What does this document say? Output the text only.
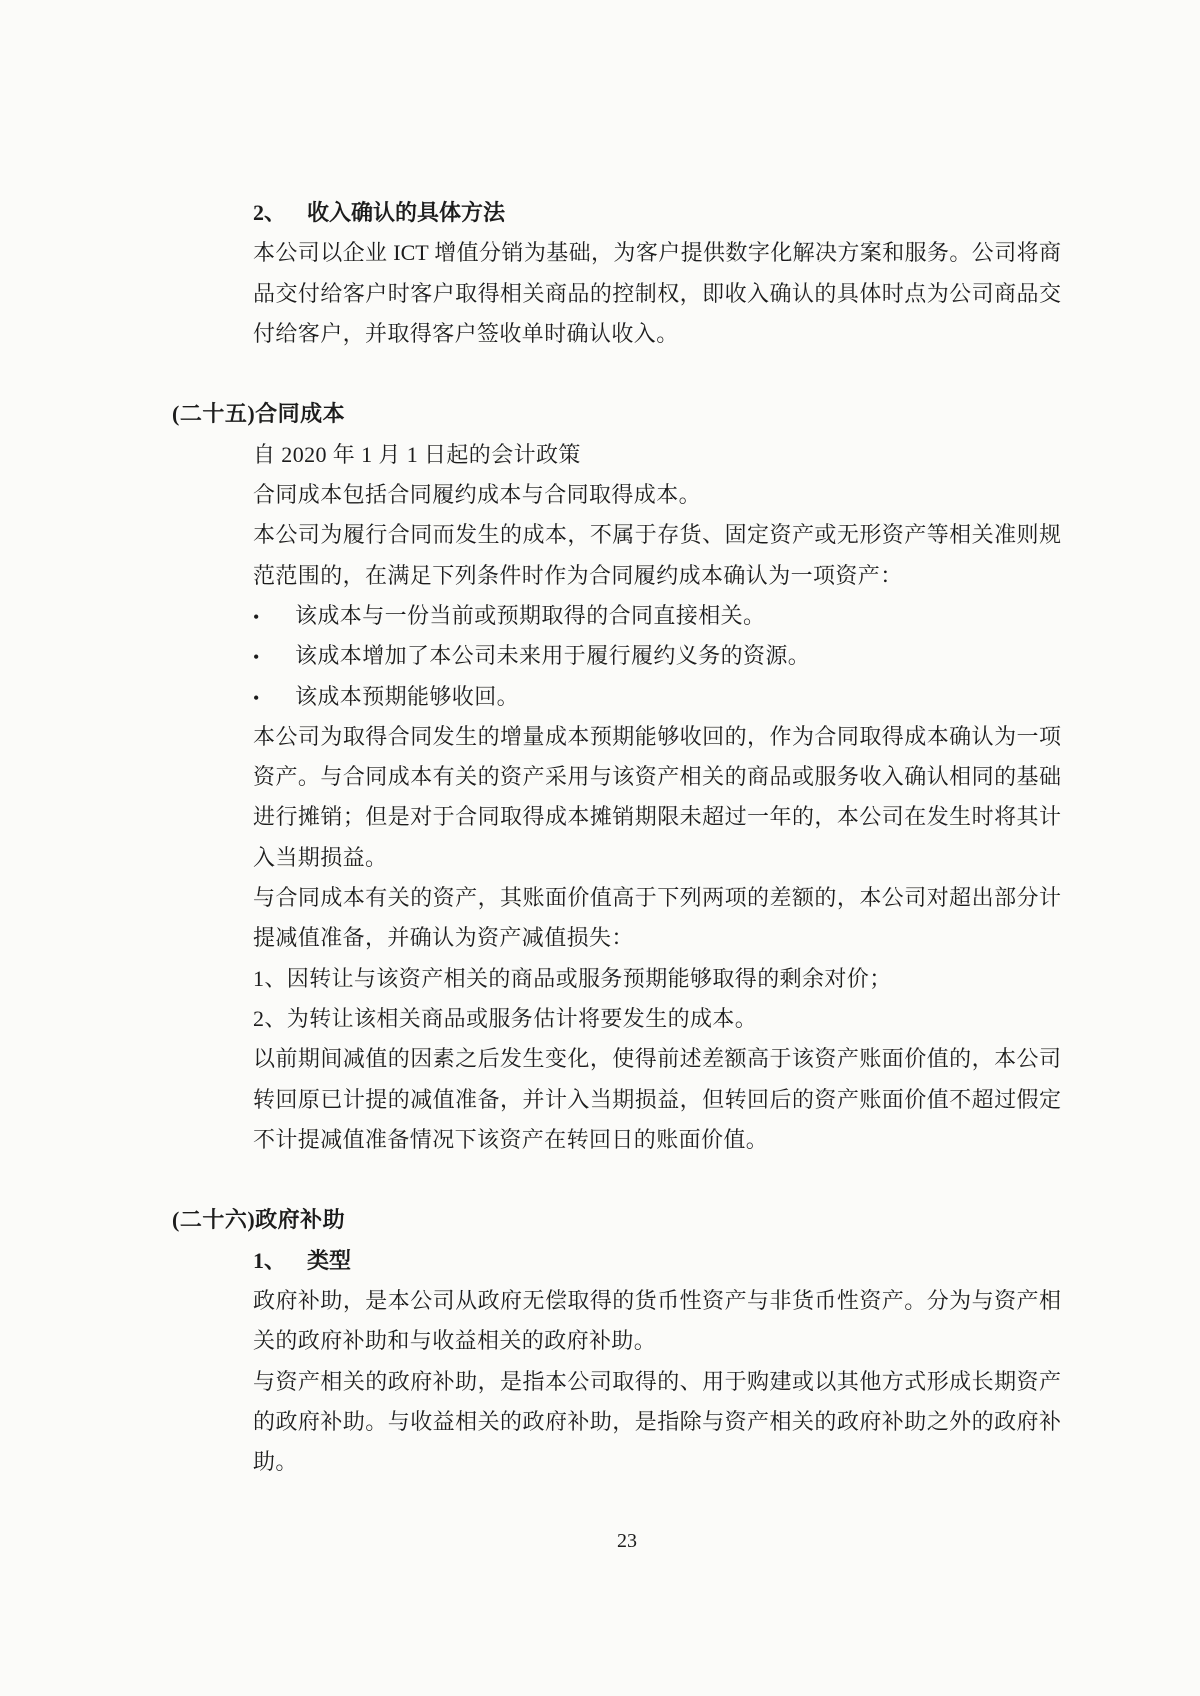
2、 收入确认的具体方法
本公司以企业 ICT 增值分销为基础，为客户提供数字化解决方案和服务。公司将商
品交付给客户时客户取得相关商品的控制权，即收入确认的具体时点为公司商品交
付给客户，并取得客户签收单时确认收入。
(二十五)合同成本
自 2020 年 1 月 1 日起的会计政策
合同成本包括合同履约成本与合同取得成本。
本公司为履行合同而发生的成本，不属于存货、固定资产或无形资产等相关准则规
范范围的，在满足下列条件时作为合同履约成本确认为一项资产：
• 该成本与一份当前或预期取得的合同直接相关。
• 该成本增加了本公司未来用于履行履约义务的资源。
• 该成本预期能够收回。
本公司为取得合同发生的增量成本预期能够收回的，作为合同取得成本确认为一项
资产。与合同成本有关的资产采用与该资产相关的商品或服务收入确认相同的基础
进行摊销；但是对于合同取得成本摊销期限未超过一年的，本公司在发生时将其计
入当期损益。
与合同成本有关的资产，其账面价值高于下列两项的差额的，本公司对超出部分计
提减值准备，并确认为资产减值损失：
1、因转让与该资产相关的商品或服务预期能够取得的剩余对价；
2、为转让该相关商品或服务估计将要发生的成本。
以前期间减值的因素之后发生变化，使得前述差额高于该资产账面价值的，本公司
转回原已计提的减值准备，并计入当期损益，但转回后的资产账面价值不超过假定
不计提减值准备情况下该资产在转回日的账面价值。
(二十六)政府补助
1、 类型
政府补助，是本公司从政府无偿取得的货币性资产与非货币性资产。分为与资产相
关的政府补助和与收益相关的政府补助。
与资产相关的政府补助，是指本公司取得的、用于购建或以其他方式形成长期资产
的政府补助。与收益相关的政府补助，是指除与资产相关的政府补助之外的政府补
助。
23
